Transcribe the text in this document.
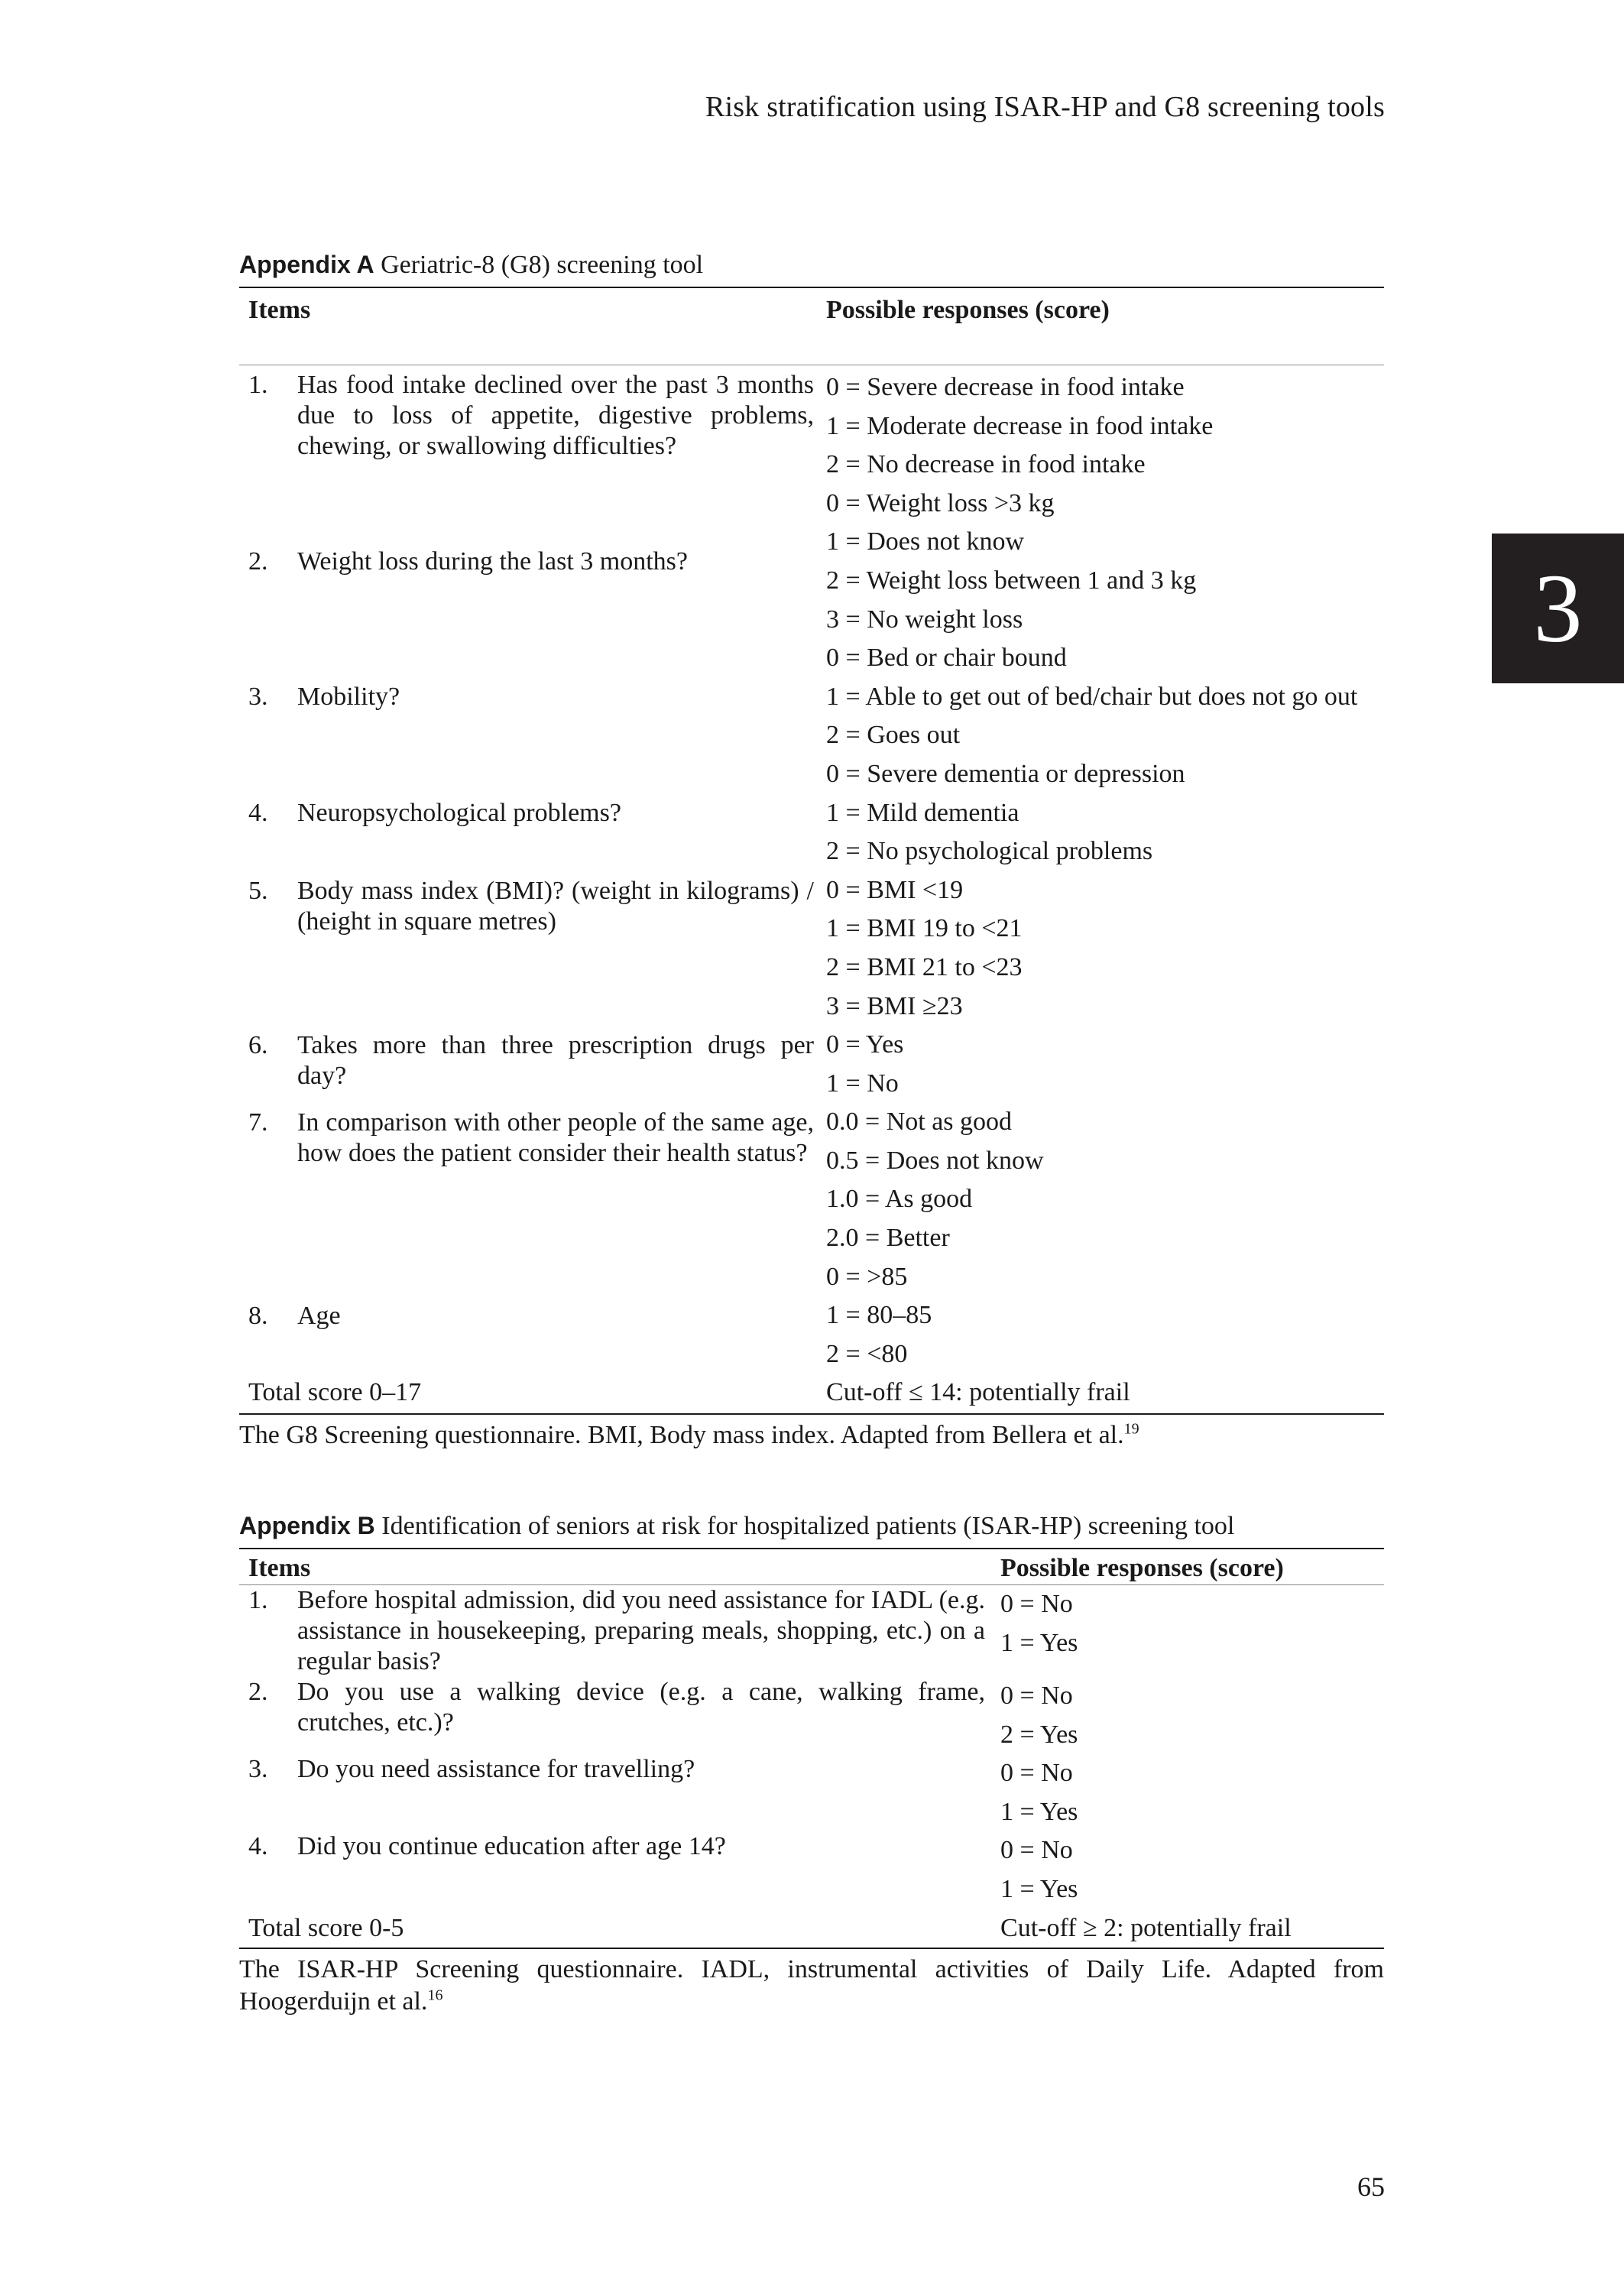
Risk stratification using ISAR-HP and G8 screening tools
3

Appendix A Geriatric-8 (G8) screening tool

Items			Possible responses (score)
1.	Has food intake declined over the past 3 months due to loss of appetite, digestive problems, chewing, or swallowing difficulties?		0 = Severe decrease in food intake
1 = Moderate decrease in food intake
2 = No decrease in food intake

2.	Weight loss during the last 3 months?		0 = Weight loss >3 kg
1 = Does not know
2 = Weight loss between 1 and 3 kg
3 = No weight loss

3.	Mobility?		0 = Bed or chair bound
1 = Able to get out of bed/chair but does not go out
2 = Goes out

4.	Neuropsychological problems?		0 = Severe dementia or depression
1 = Mild dementia
2 = No psychological problems

5.	Body mass index (BMI)? (weight in kilograms) / (height in square metres)		0 = BMI <19
1 = BMI 19 to <21
2 = BMI 21 to <23
3 = BMI ≥23

6.	Takes more than three prescription drugs per day?		0 = Yes
1 = No

7.	In comparison with other people of the same age, how does the patient consider their health status?		0.0 = Not as good
0.5 = Does not know
1.0 = As good
2.0 = Better

8.	Age		0 = >85
1 = 80–85
2 = <80

Total score 0–17			Cut-off ≤ 14: potentially frail

The G8 Screening questionnaire. BMI, Body mass index. Adapted from Bellera et al.$^{19}$

Appendix B Identification of seniors at risk for hospitalized patients (ISAR-HP) screening tool

Items			Possible responses (score)
1.	Before hospital admission, did you need assistance for IADL (e.g. assistance in housekeeping, preparing meals, shopping, etc.) on a regular basis?		0 = No
1 = Yes

2.	Do you use a walking device (e.g. a cane, walking frame, crutches, etc.)?		0 = No
2 = Yes

3.	Do you need assistance for travelling?		0 = No
1 = Yes

4.	Did you continue education after age 14?		0 = No
1 = Yes

Total score 0-5			Cut-off ≥ 2: potentially frail

The ISAR-HP Screening questionnaire. IADL, instrumental activities of Daily Life. Adapted from Hoogerduijn et al.$^{16}$

65
